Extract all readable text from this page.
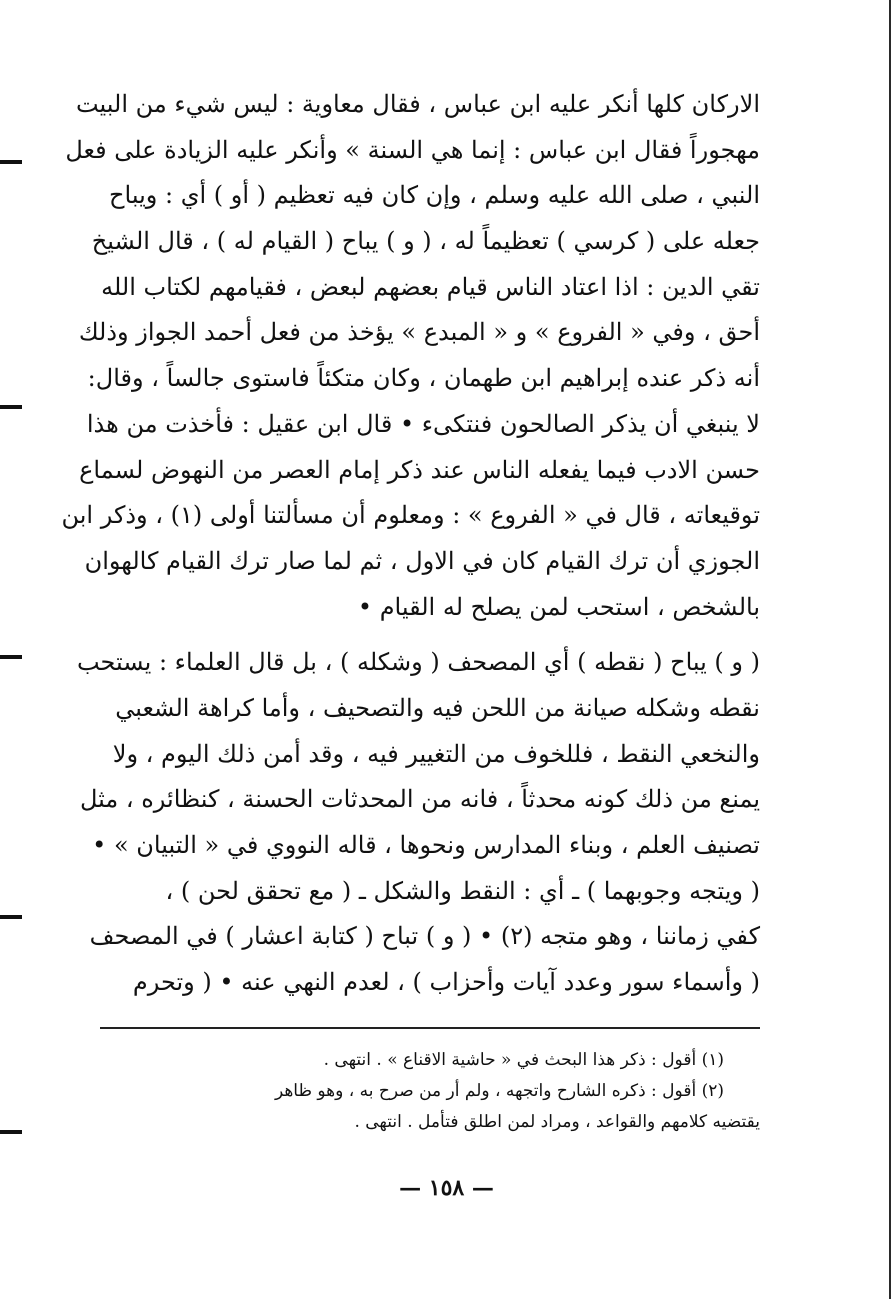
الاركان كلها أنكر عليه ابن عباس ، فقال معاوية : ليس شيء من البيت
مهجوراً فقال ابن عباس : إنما هي السنة » وأنكر عليه الزيادة على فعل
النبي ، صلى الله عليه وسلم ، وإن كان فيه تعظيم ( أو ) أي : ويباح
جعله على ( كرسي ) تعظيماً له ، ( و ) يباح ( القيام له ) ، قال الشيخ
تقي الدين : اذا اعتاد الناس قيام بعضهم لبعض ، فقيامهم لكتاب الله
أحق ، وفي « الفروع » و « المبدع » يؤخذ من فعل أحمد الجواز وذلك
أنه ذكر عنده إبراهيم ابن طهمان ، وكان متكئاً فاستوى جالساً ، وقال:
لا ينبغي أن يذكر الصالحون فنتكىء • قال ابن عقيل : فأخذت من هذا
حسن الادب فيما يفعله الناس عند ذكر إمام العصر من النهوض لسماع
توقيعاته ، قال في « الفروع » : ومعلوم أن مسألتنا أولى (١) ، وذكر ابن
الجوزي أن ترك القيام كان في الاول ، ثم لما صار ترك القيام كالهوان
بالشخص ، استحب لمن يصلح له القيام •
( و ) يباح ( نقطه ) أي المصحف ( وشكله ) ، بل قال العلماء : يستحب
نقطه وشكله صيانة من اللحن فيه والتصحيف ، وأما كراهة الشعبي
والنخعي النقط ، فللخوف من التغيير فيه ، وقد أمن ذلك اليوم ، ولا
يمنع من ذلك كونه محدثاً ، فانه من المحدثات الحسنة ، كنظائره ، مثل
تصنيف العلم ، وبناء المدارس ونحوها ، قاله النووي في « التبيان » •
( ويتجه وجوبهما ) ـ أي : النقط والشكل ـ ( مع تحقق لحن ) ،
كفي زماننا ، وهو متجه (٢) • ( و ) تباح ( كتابة اعشار ) في المصحف
( وأسماء سور وعدد آيات وأحزاب ) ، لعدم النهي عنه • ( وتحرم
(١) أقول : ذكر هذا البحث في « حاشية الاقناع » . انتهى .
(٢) أقول : ذكره الشارح واتجهه ، ولم أر من صرح به ، وهو ظاهر
يقتضيه كلامهم والقواعد ، ومراد لمن اطلق فتأمل . انتهى .
— ١٥٨ —
